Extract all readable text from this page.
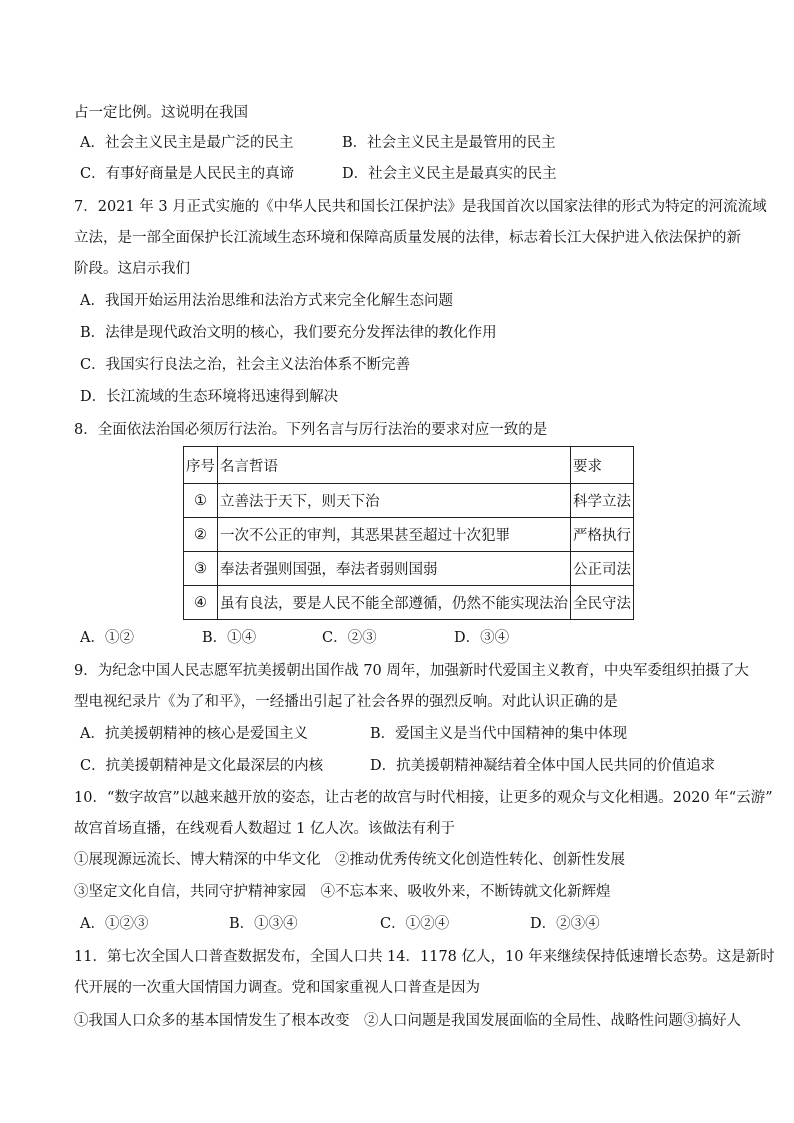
占一定比例。这说明在我国
A．社会主义民主是最广泛的民主	B．社会主义民主是最管用的民主
C．有事好商量是人民民主的真谛	D．社会主义民主是最真实的民主
7．2021 年 3 月正式实施的《中华人民共和国长江保护法》是我国首次以国家法律的形式为特定的河流流域
立法，是一部全面保护长江流域生态环境和保障高质量发展的法律，标志着长江大保护进入依法保护的新
阶段。这启示我们
A．我国开始运用法治思维和法治方式来完全化解生态问题
B．法律是现代政治文明的核心，我们要充分发挥法律的教化作用
C．我国实行良法之治，社会主义法治体系不断完善
D．长江流域的生态环境将迅速得到解决
8．全面依法治国必须厉行法治。下列名言与厉行法治的要求对应一致的是
序号	名言哲语	要求
①	立善法于天下，则天下治	科学立法
②	一次不公正的审判，其恶果甚至超过十次犯罪	严格执行
③	奉法者强则国强，奉法者弱则国弱	公正司法
④	虽有良法，要是人民不能全部遵循，仍然不能实现法治	全民守法
A．①②	B．①④	C．②③	D．③④
9．为纪念中国人民志愿军抗美援朝出国作战 70 周年，加强新时代爱国主义教育，中央军委组织拍摄了大
型电视纪录片《为了和平》，一经播出引起了社会各界的强烈反响。对此认识正确的是
A．抗美援朝精神的核心是爱国主义	B．爱国主义是当代中国精神的集中体现
C．抗美援朝精神是文化最深层的内核	D．抗美援朝精神凝结着全体中国人民共同的价值追求
10．“数字故宫”以越来越开放的姿态，让古老的故宫与时代相接，让更多的观众与文化相遇。2020 年“云游”
故宫首场直播，在线观看人数超过 1 亿人次。该做法有利于
①展现源远流长、博大精深的中华文化　②推动优秀传统文化创造性转化、创新性发展
③坚定文化自信，共同守护精神家园　④不忘本来、吸收外来，不断铸就文化新辉煌
A．①②③	B．①③④	C．①②④	D．②③④
11．第七次全国人口普查数据发布，全国人口共 14．1178 亿人，10 年来继续保持低速增长态势。这是新时
代开展的一次重大国情国力调查。党和国家重视人口普查是因为
①我国人口众多的基本国情发生了根本改变　②人口问题是我国发展面临的全局性、战略性问题③搞好人
